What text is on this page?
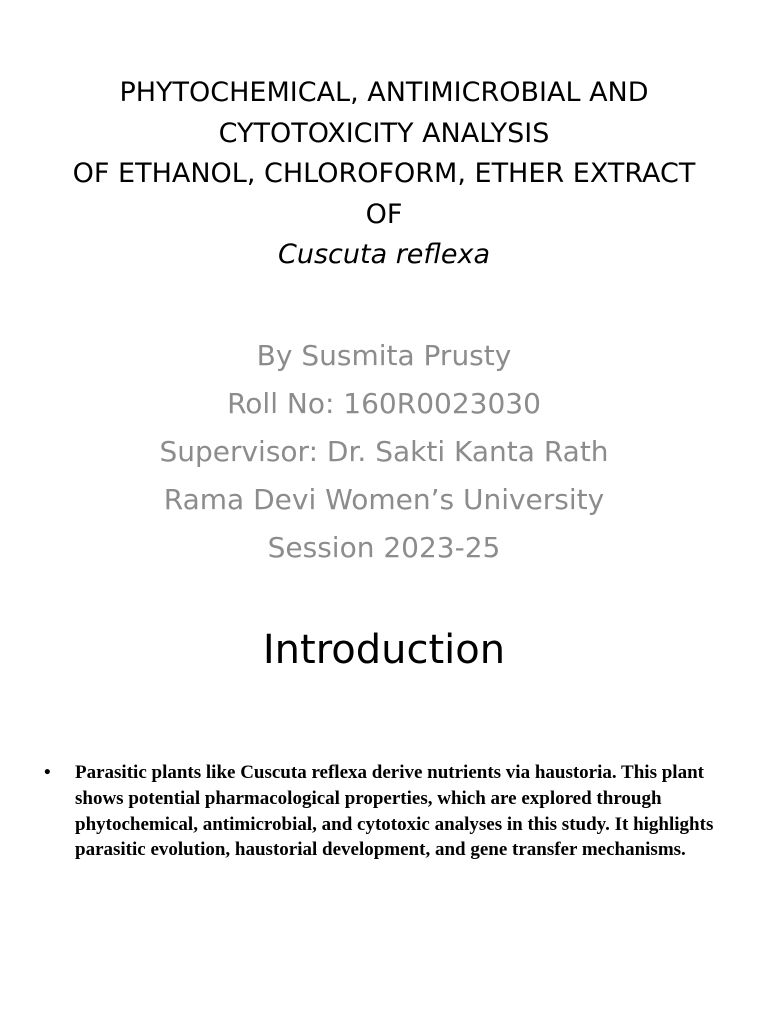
PHYTOCHEMICAL, ANTIMICROBIAL AND
CYTOTOXICITY ANALYSIS
OF ETHANOL, CHLOROFORM, ETHER EXTRACT
OF
Cuscuta reflexa
By Susmita Prusty
Roll No: 160R0023030
Supervisor: Dr. Sakti Kanta Rath
Rama Devi Women’s University
Session 2023-25
Introduction
• Parasitic plants like Cuscuta reflexa derive nutrients via haustoria. This plant shows potential pharmacological properties, which are explored through phytochemical, antimicrobial, and cytotoxic analyses in this study. It highlights parasitic evolution, haustorial development, and gene transfer mechanisms.
